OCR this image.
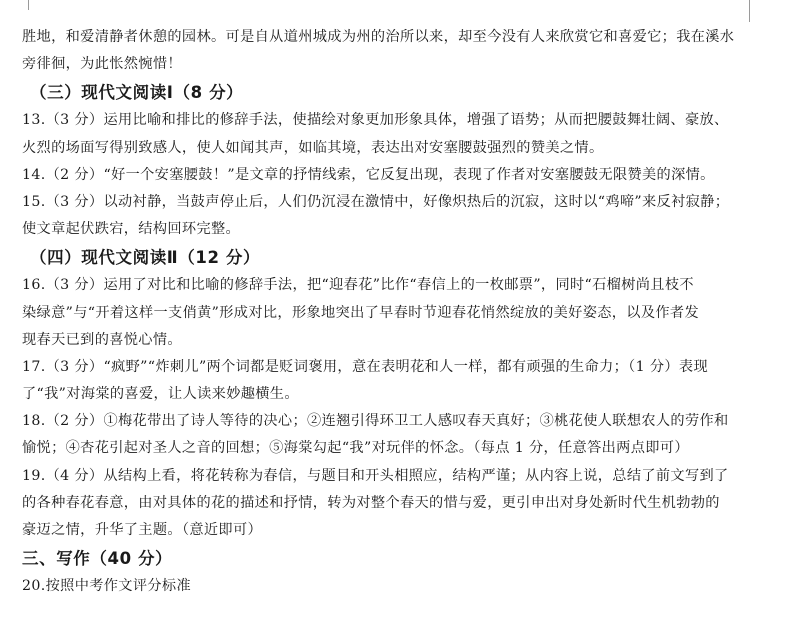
胜地，和爱清静者休憩的园林。可是自从道州城成为州的治所以来，却至今没有人来欣赏它和喜爱它；我在溪水
旁徘徊，为此怅然惋惜！
（三）现代文阅读Ⅰ（8 分）
13.（3 分）运用比喻和排比的修辞手法，使描绘对象更加形象具体，增强了语势；从而把腰鼓舞壮阔、豪放、
火烈的场面写得别致感人，使人如闻其声，如临其境，表达出对安塞腰鼓强烈的赞美之情。
14.（2 分）“好一个安塞腰鼓！”是文章的抒情线索，它反复出现，表现了作者对安塞腰鼓无限赞美的深情。
15.（3 分）以动衬静，当鼓声停止后，人们仍沉浸在激情中，好像炽热后的沉寂，这时以“鸡啼”来反衬寂静；
使文章起伏跌宕，结构回环完整。
（四）现代文阅读Ⅱ（12 分）
16.（3 分）运用了对比和比喻的修辞手法，把“迎春花”比作“春信上的一枚邮票”，同时“石榴树尚且枝不
染绿意”与“开着这样一支俏黄”形成对比，形象地突出了早春时节迎春花悄然绽放的美好姿态，以及作者发
现春天已到的喜悦心情。
17.（3 分）“疯野”“炸刺儿”两个词都是贬词褒用，意在表明花和人一样，都有顽强的生命力；（1 分）表现
了“我”对海棠的喜爱，让人读来妙趣横生。
18.（2 分）①梅花带出了诗人等待的决心；②连翘引得环卫工人感叹春天真好；③桃花使人联想农人的劳作和
愉悦；④杏花引起对圣人之音的回想；⑤海棠勾起“我”对玩伴的怀念。（每点 1 分，任意答出两点即可）
19.（4 分）从结构上看，将花转称为春信，与题目和开头相照应，结构严谨；从内容上说，总结了前文写到了
的各种春花春意，由对具体的花的描述和抒情，转为对整个春天的惜与爱，更引申出对身处新时代生机勃勃的
豪迈之情，升华了主题。（意近即可）
三、写作（40 分）
20.按照中考作文评分标准
